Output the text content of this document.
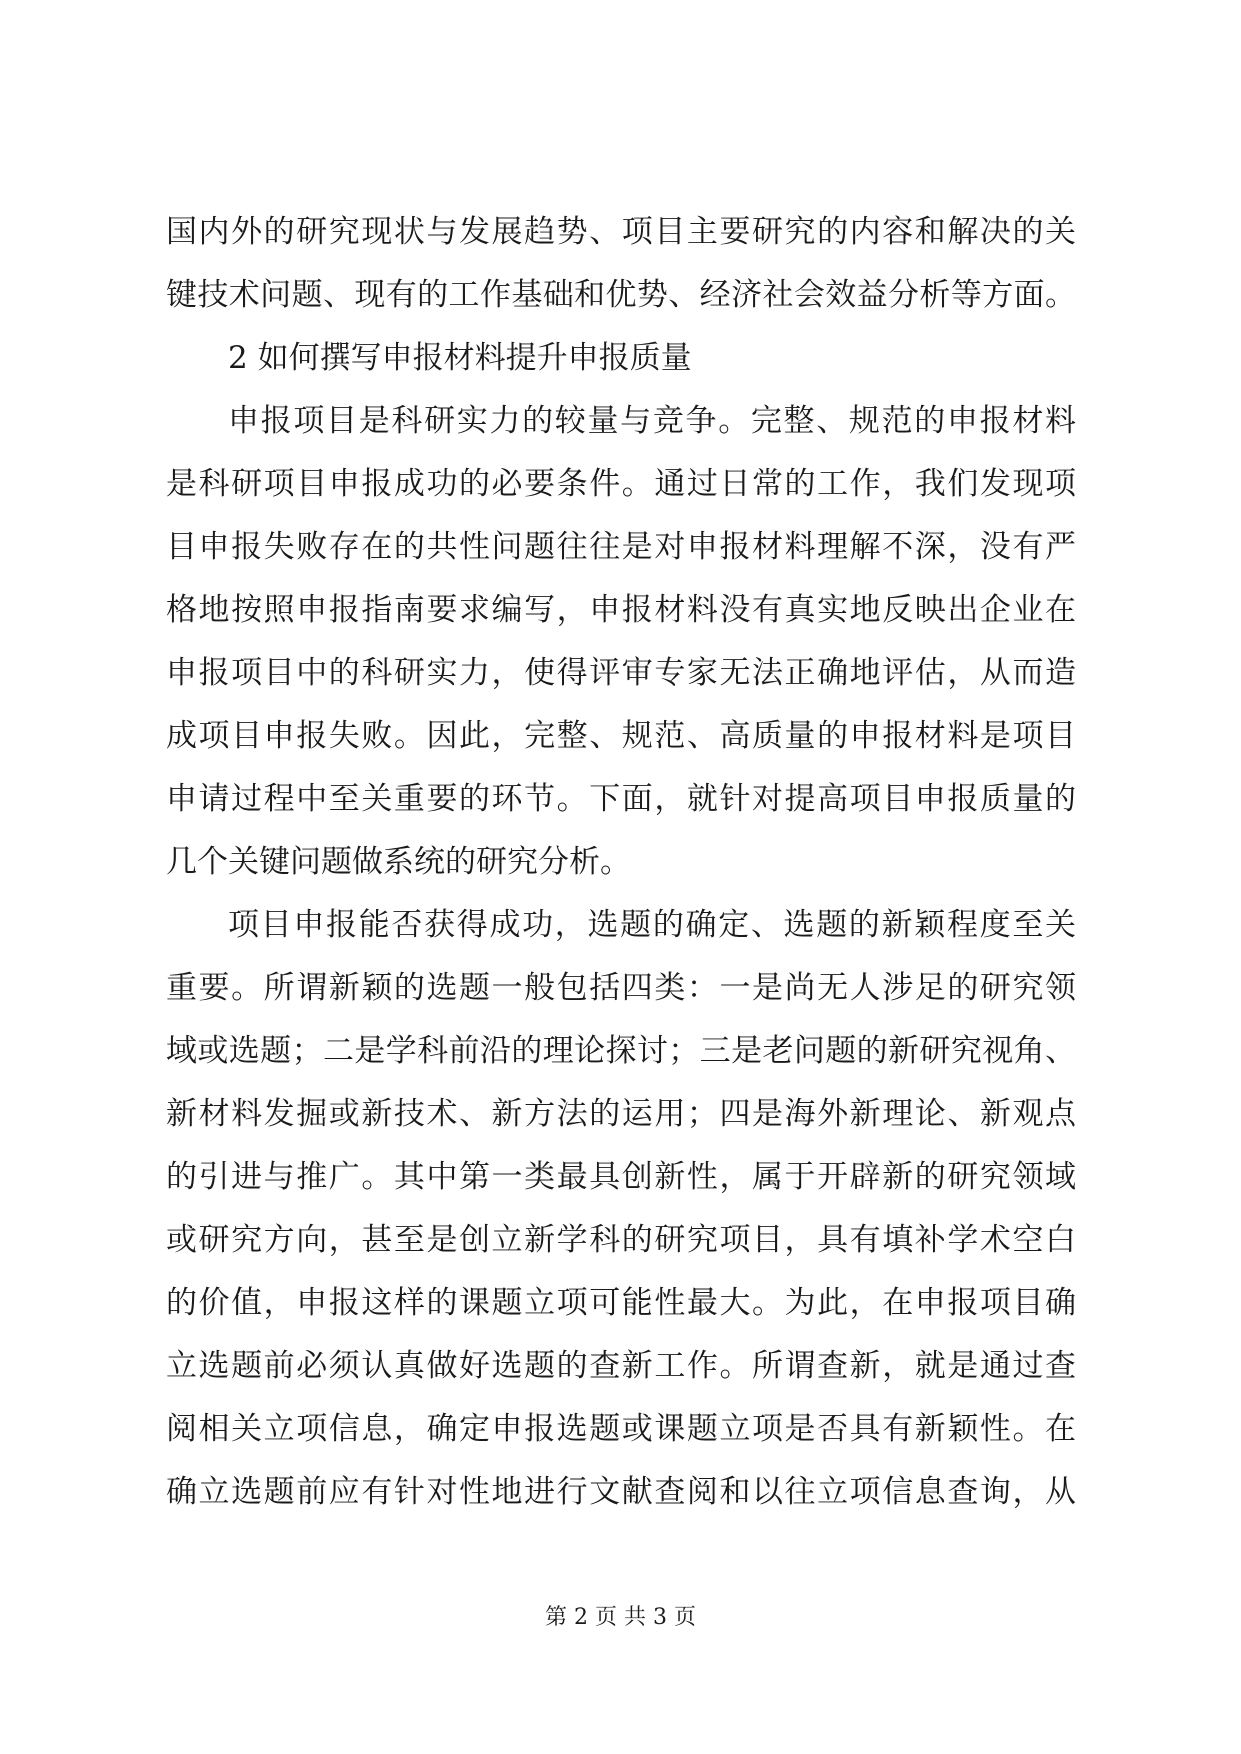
国内外的研究现状与发展趋势、项目主要研究的内容和解决的关
键技术问题、现有的工作基础和优势、经济社会效益分析等方面。
2 如何撰写申报材料提升申报质量
申报项目是科研实力的较量与竞争。完整、规范的申报材料
是科研项目申报成功的必要条件。通过日常的工作，我们发现项
目申报失败存在的共性问题往往是对申报材料理解不深，没有严
格地按照申报指南要求编写，申报材料没有真实地反映出企业在
申报项目中的科研实力，使得评审专家无法正确地评估，从而造
成项目申报失败。因此，完整、规范、高质量的申报材料是项目
申请过程中至关重要的环节。下面，就针对提高项目申报质量的
几个关键问题做系统的研究分析。
项目申报能否获得成功，选题的确定、选题的新颖程度至关
重要。所谓新颖的选题一般包括四类：一是尚无人涉足的研究领
域或选题；二是学科前沿的理论探讨；三是老问题的新研究视角、
新材料发掘或新技术、新方法的运用；四是海外新理论、新观点
的引进与推广。其中第一类最具创新性，属于开辟新的研究领域
或研究方向，甚至是创立新学科的研究项目，具有填补学术空白
的价值，申报这样的课题立项可能性最大。为此，在申报项目确
立选题前必须认真做好选题的查新工作。所谓查新，就是通过查
阅相关立项信息，确定申报选题或课题立项是否具有新颖性。在
确立选题前应有针对性地进行文献查阅和以往立项信息查询，从
第 2 页 共 3 页
